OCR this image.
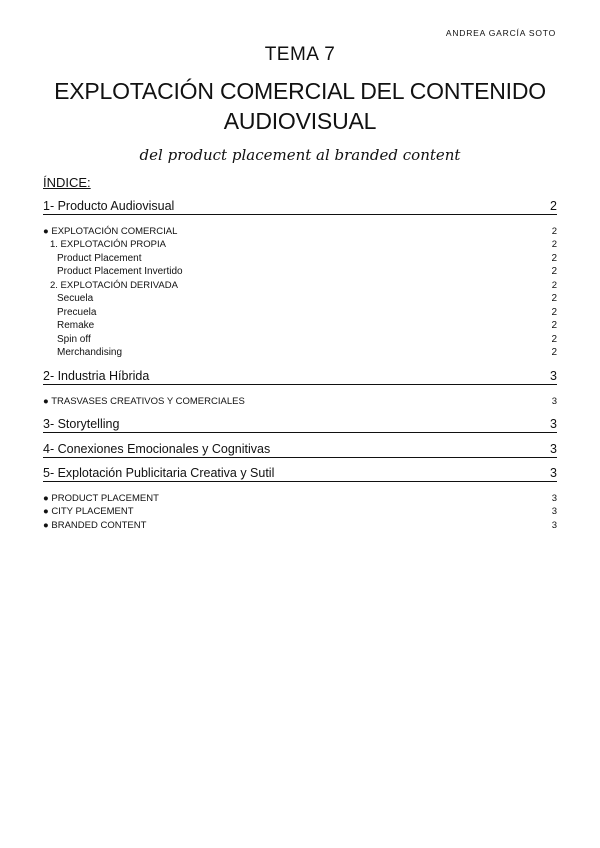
ANDREA GARCÍA SOTO
TEMA 7
EXPLOTACIÓN COMERCIAL DEL CONTENIDO
AUDIOVISUAL
del product placement al branded content
ÍNDICE:
1- Producto Audiovisual	2
● EXPLOTACIÓN COMERCIAL	2
1. EXPLOTACIÓN PROPIA	2
Product Placement	2
Product Placement Invertido	2
2. EXPLOTACIÓN DERIVADA	2
Secuela	2
Precuela	2
Remake	2
Spin off	2
Merchandising	2
2- Industria Híbrida	3
● TRASVASES CREATIVOS Y COMERCIALES	3
3- Storytelling	3
4- Conexiones Emocionales y Cognitivas	3
5- Explotación Publicitaria Creativa y Sutil	3
● PRODUCT PLACEMENT	3
● CITY PLACEMENT	3
● BRANDED CONTENT	3
